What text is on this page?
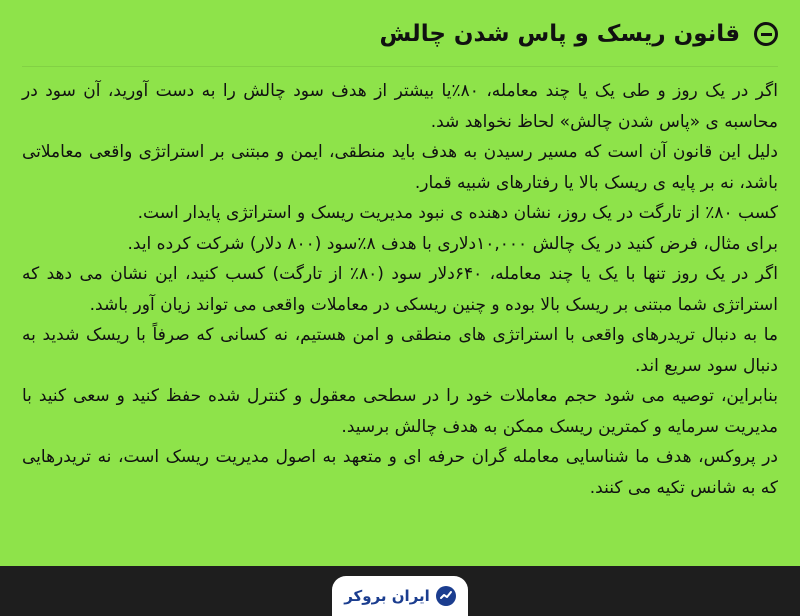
قانون ریسک و پاس شدن چالش

اگر در یک روز و طی یک یا چند معامله، ۸۰٪یا بیشتر از هدف سود چالش را به دست آورید، آن سود در محاسبه ی «پاس شدن چالش» لحاظ نخواهد شد.

دلیل این قانون آن است که مسیر رسیدن به هدف باید منطقی، ایمن و مبتنی بر استراتژی واقعی معاملاتی باشد، نه بر پایه ی ریسک بالا یا رفتارهای شبیه قمار.

کسب ۸۰٪ از تارگت در یک روز، نشان دهنده ی نبود مدیریت ریسک و استراتژی پایدار است.

برای مثال، فرض کنید در یک چالش ۱۰,۰۰۰دلاری با هدف ۸٪سود (۸۰۰ دلار) شرکت کرده اید.

اگر در یک روز تنها با یک یا چند معامله، ۶۴۰دلار سود (۸۰٪ از تارگت) کسب کنید، این نشان می دهد که استراتژی شما مبتنی بر ریسک بالا بوده و چنین ریسکی در معاملات واقعی می تواند زیان آور باشد.

ما به دنبال تریدرهای واقعی با استراتژی های منطقی و امن هستیم، نه کسانی که صرفاً با ریسک شدید به دنبال سود سریع اند.

بنابراین، توصیه می شود حجم معاملات خود را در سطحی معقول و کنترل شده حفظ کنید و سعی کنید با مدیریت سرمایه و کمترین ریسک ممکن به هدف چالش برسید.

در پروکس، هدف ما شناسایی معامله گران حرفه ای و متعهد به اصول مدیریت ریسک است، نه تریدرهایی که به شانس تکیه می کنند.

ایران بروکر
